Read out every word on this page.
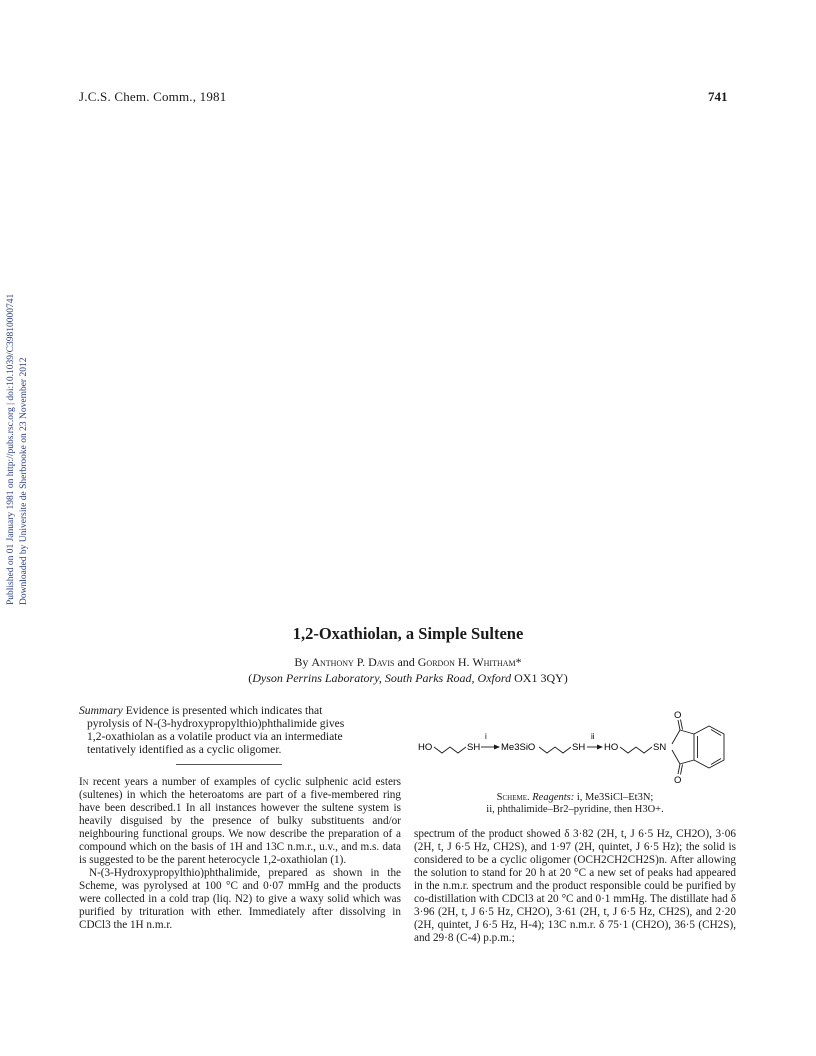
J.C.S. Chem. Comm., 1981	741
Published on 01 January 1981 on http://pubs.rsc.org | doi:10.1039/C39810000741 Downloaded by Universite de Sherbrooke on 23 November 2012
1,2-Oxathiolan, a Simple Sultene
By Anthony P. Davis and Gordon H. Whitham*
(Dyson Perrins Laboratory, South Parks Road, Oxford OX1 3QY)
Summary Evidence is presented which indicates that
pyrolysis of N-(3-hydroxypropylthio)phthalimide gives
1,2-oxathiolan as a volatile product via an intermediate
tentatively identified as a cyclic oligomer.	HO	SH
i
Me3SiO	SH
ii
HO	SN
O
O
Scheme. Reagents: i, Me3SiCl–Et3N;
ii, phthalimide–Br2–pyridine, then H3O+.

In recent years a number of examples of cyclic sulphenic acid esters (sultenes) in which the heteroatoms are part of a five-membered ring have been described.1 In all instances however the sultene system is heavily disguised by the presence of bulky substituents and/or neighbouring functional groups. We now describe the preparation of a compound which on the basis of 1H and 13C n.m.r., u.v., and m.s. data is suggested to be the parent heterocycle 1,2-oxathiolan (1).

N-(3-Hydroxypropylthio)phthalimide, prepared as shown in the Scheme, was pyrolysed at 100 °C and 0·07 mmHg and the products were collected in a cold trap (liq. N2) to give a waxy solid which was purified by trituration with ether. Immediately after dissolving in CDCl3 the 1H n.m.r.

spectrum of the product showed δ 3·82 (2H, t, J 6·5 Hz, CH2O), 3·06 (2H, t, J 6·5 Hz, CH2S), and 1·97 (2H, quintet, J 6·5 Hz); the solid is considered to be a cyclic oligomer (OCH2CH2CH2S)n. After allowing the solution to stand for 20 h at 20 °C a new set of peaks had appeared in the n.m.r. spectrum and the product responsible could be purified by co-distillation with CDCl3 at 20 °C and 0·1 mmHg. The distillate had δ 3·96 (2H, t, J 6·5 Hz, CH2O), 3·61 (2H, t, J 6·5 Hz, CH2S), and 2·20 (2H, quintet, J 6·5 Hz, H-4); 13C n.m.r. δ 75·1 (CH2O), 36·5 (CH2S), and 29·8 (C-4) p.p.m.;
